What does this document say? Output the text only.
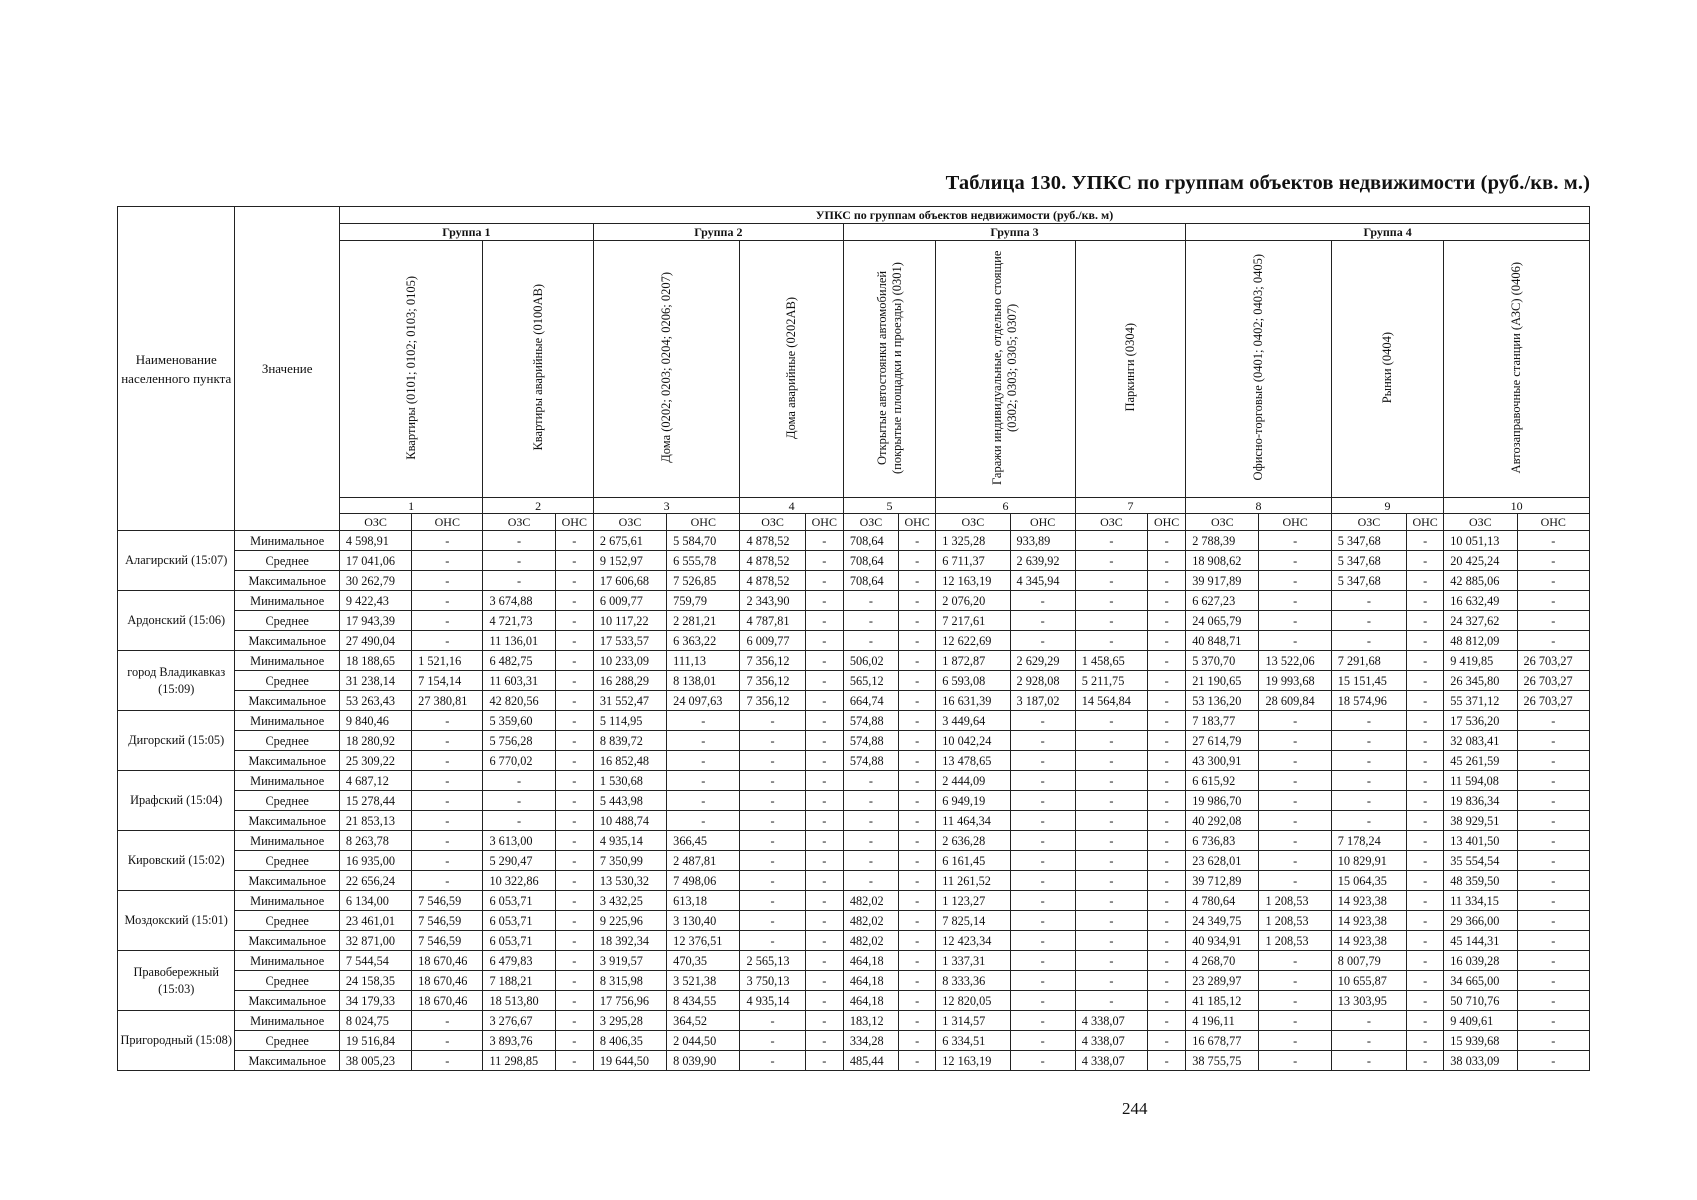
Таблица 130. УПКС по группам объектов недвижимости (руб./кв. м.)
Наименование населенного пункта	Значение	УПКС по группам объектов недвижимости (руб./кв. м)																			
		Группа 1				Группа 2				Группа 3						Группа 4					
		Квартиры (0101; 0102; 0103; 0105)		Квартиры аварийные (0100АВ)		Дома (0202; 0203; 0204; 0206; 0207)		Дома аварийные (0202АВ)		Открытые автостоянки автомобилей (покрытые площадки и проезды) (0301)		Гаражи индивидуальные, отдельно стоящие (0302; 0303; 0305; 0307)		Паркинги (0304)		Офисно-торговые (0401; 0402; 0403; 0405)		Рынки (0404)		Автозаправочные станции (АЗС) (0406)	
		1		2		3		4		5		6		7		8		9		10	
		ОЗС	ОНС	ОЗС	ОНС	ОЗС	ОНС	ОЗС	ОНС	ОЗС	ОНС	ОЗС	ОНС	ОЗС	ОНС	ОЗС	ОНС	ОЗС	ОНС	ОЗС	ОНС
Алагирский (15:07)	Минимальное	4 598,91	-	-	-	2 675,61	5 584,70	4 878,52	-	708,64	-	1 325,28	933,89	-	-	2 788,39	-	5 347,68	-	10 051,13	-
	Среднее	17 041,06	-	-	-	9 152,97	6 555,78	4 878,52	-	708,64	-	6 711,37	2 639,92	-	-	18 908,62	-	5 347,68	-	20 425,24	-
	Максимальное	30 262,79	-	-	-	17 606,68	7 526,85	4 878,52	-	708,64	-	12 163,19	4 345,94	-	-	39 917,89	-	5 347,68	-	42 885,06	-
Ардонский (15:06)	Минимальное	9 422,43	-	3 674,88	-	6 009,77	759,79	2 343,90	-	-	-	2 076,20	-	-	-	6 627,23	-	-	-	16 632,49	-
	Среднее	17 943,39	-	4 721,73	-	10 117,22	2 281,21	4 787,81	-	-	-	7 217,61	-	-	-	24 065,79	-	-	-	24 327,62	-
	Максимальное	27 490,04	-	11 136,01	-	17 533,57	6 363,22	6 009,77	-	-	-	12 622,69	-	-	-	40 848,71	-	-	-	48 812,09	-
город Владикавказ (15:09)	Минимальное	18 188,65	1 521,16	6 482,75	-	10 233,09	111,13	7 356,12	-	506,02	-	1 872,87	2 629,29	1 458,65	-	5 370,70	13 522,06	7 291,68	-	9 419,85	26 703,27
	Среднее	31 238,14	7 154,14	11 603,31	-	16 288,29	8 138,01	7 356,12	-	565,12	-	6 593,08	2 928,08	5 211,75	-	21 190,65	19 993,68	15 151,45	-	26 345,80	26 703,27
	Максимальное	53 263,43	27 380,81	42 820,56	-	31 552,47	24 097,63	7 356,12	-	664,74	-	16 631,39	3 187,02	14 564,84	-	53 136,20	28 609,84	18 574,96	-	55 371,12	26 703,27
Дигорский (15:05)	Минимальное	9 840,46	-	5 359,60	-	5 114,95	-	-	-	574,88	-	3 449,64	-	-	-	7 183,77	-	-	-	17 536,20	-
	Среднее	18 280,92	-	5 756,28	-	8 839,72	-	-	-	574,88	-	10 042,24	-	-	-	27 614,79	-	-	-	32 083,41	-
	Максимальное	25 309,22	-	6 770,02	-	16 852,48	-	-	-	574,88	-	13 478,65	-	-	-	43 300,91	-	-	-	45 261,59	-
Ирафский (15:04)	Минимальное	4 687,12	-	-	-	1 530,68	-	-	-	-	-	2 444,09	-	-	-	6 615,92	-	-	-	11 594,08	-
	Среднее	15 278,44	-	-	-	5 443,98	-	-	-	-	-	6 949,19	-	-	-	19 986,70	-	-	-	19 836,34	-
	Максимальное	21 853,13	-	-	-	10 488,74	-	-	-	-	-	11 464,34	-	-	-	40 292,08	-	-	-	38 929,51	-
Кировский (15:02)	Минимальное	8 263,78	-	3 613,00	-	4 935,14	366,45	-	-	-	-	2 636,28	-	-	-	6 736,83	-	7 178,24	-	13 401,50	-
	Среднее	16 935,00	-	5 290,47	-	7 350,99	2 487,81	-	-	-	-	6 161,45	-	-	-	23 628,01	-	10 829,91	-	35 554,54	-
	Максимальное	22 656,24	-	10 322,86	-	13 530,32	7 498,06	-	-	-	-	11 261,52	-	-	-	39 712,89	-	15 064,35	-	48 359,50	-
Моздокский (15:01)	Минимальное	6 134,00	7 546,59	6 053,71	-	3 432,25	613,18	-	-	482,02	-	1 123,27	-	-	-	4 780,64	1 208,53	14 923,38	-	11 334,15	-
	Среднее	23 461,01	7 546,59	6 053,71	-	9 225,96	3 130,40	-	-	482,02	-	7 825,14	-	-	-	24 349,75	1 208,53	14 923,38	-	29 366,00	-
	Максимальное	32 871,00	7 546,59	6 053,71	-	18 392,34	12 376,51	-	-	482,02	-	12 423,34	-	-	-	40 934,91	1 208,53	14 923,38	-	45 144,31	-
Правобережный (15:03)	Минимальное	7 544,54	18 670,46	6 479,83	-	3 919,57	470,35	2 565,13	-	464,18	-	1 337,31	-	-	-	4 268,70	-	8 007,79	-	16 039,28	-
	Среднее	24 158,35	18 670,46	7 188,21	-	8 315,98	3 521,38	3 750,13	-	464,18	-	8 333,36	-	-	-	23 289,97	-	10 655,87	-	34 665,00	-
	Максимальное	34 179,33	18 670,46	18 513,80	-	17 756,96	8 434,55	4 935,14	-	464,18	-	12 820,05	-	-	-	41 185,12	-	13 303,95	-	50 710,76	-
Пригородный (15:08)	Минимальное	8 024,75	-	3 276,67	-	3 295,28	364,52	-	-	183,12	-	1 314,57	-	4 338,07	-	4 196,11	-	-	-	9 409,61	-
	Среднее	19 516,84	-	3 893,76	-	8 406,35	2 044,50	-	-	334,28	-	6 334,51	-	4 338,07	-	16 678,77	-	-	-	15 939,68	-
	Максимальное	38 005,23	-	11 298,85	-	19 644,50	8 039,90	-	-	485,44	-	12 163,19	-	4 338,07	-	38 755,75	-	-	-	38 033,09	-
244
